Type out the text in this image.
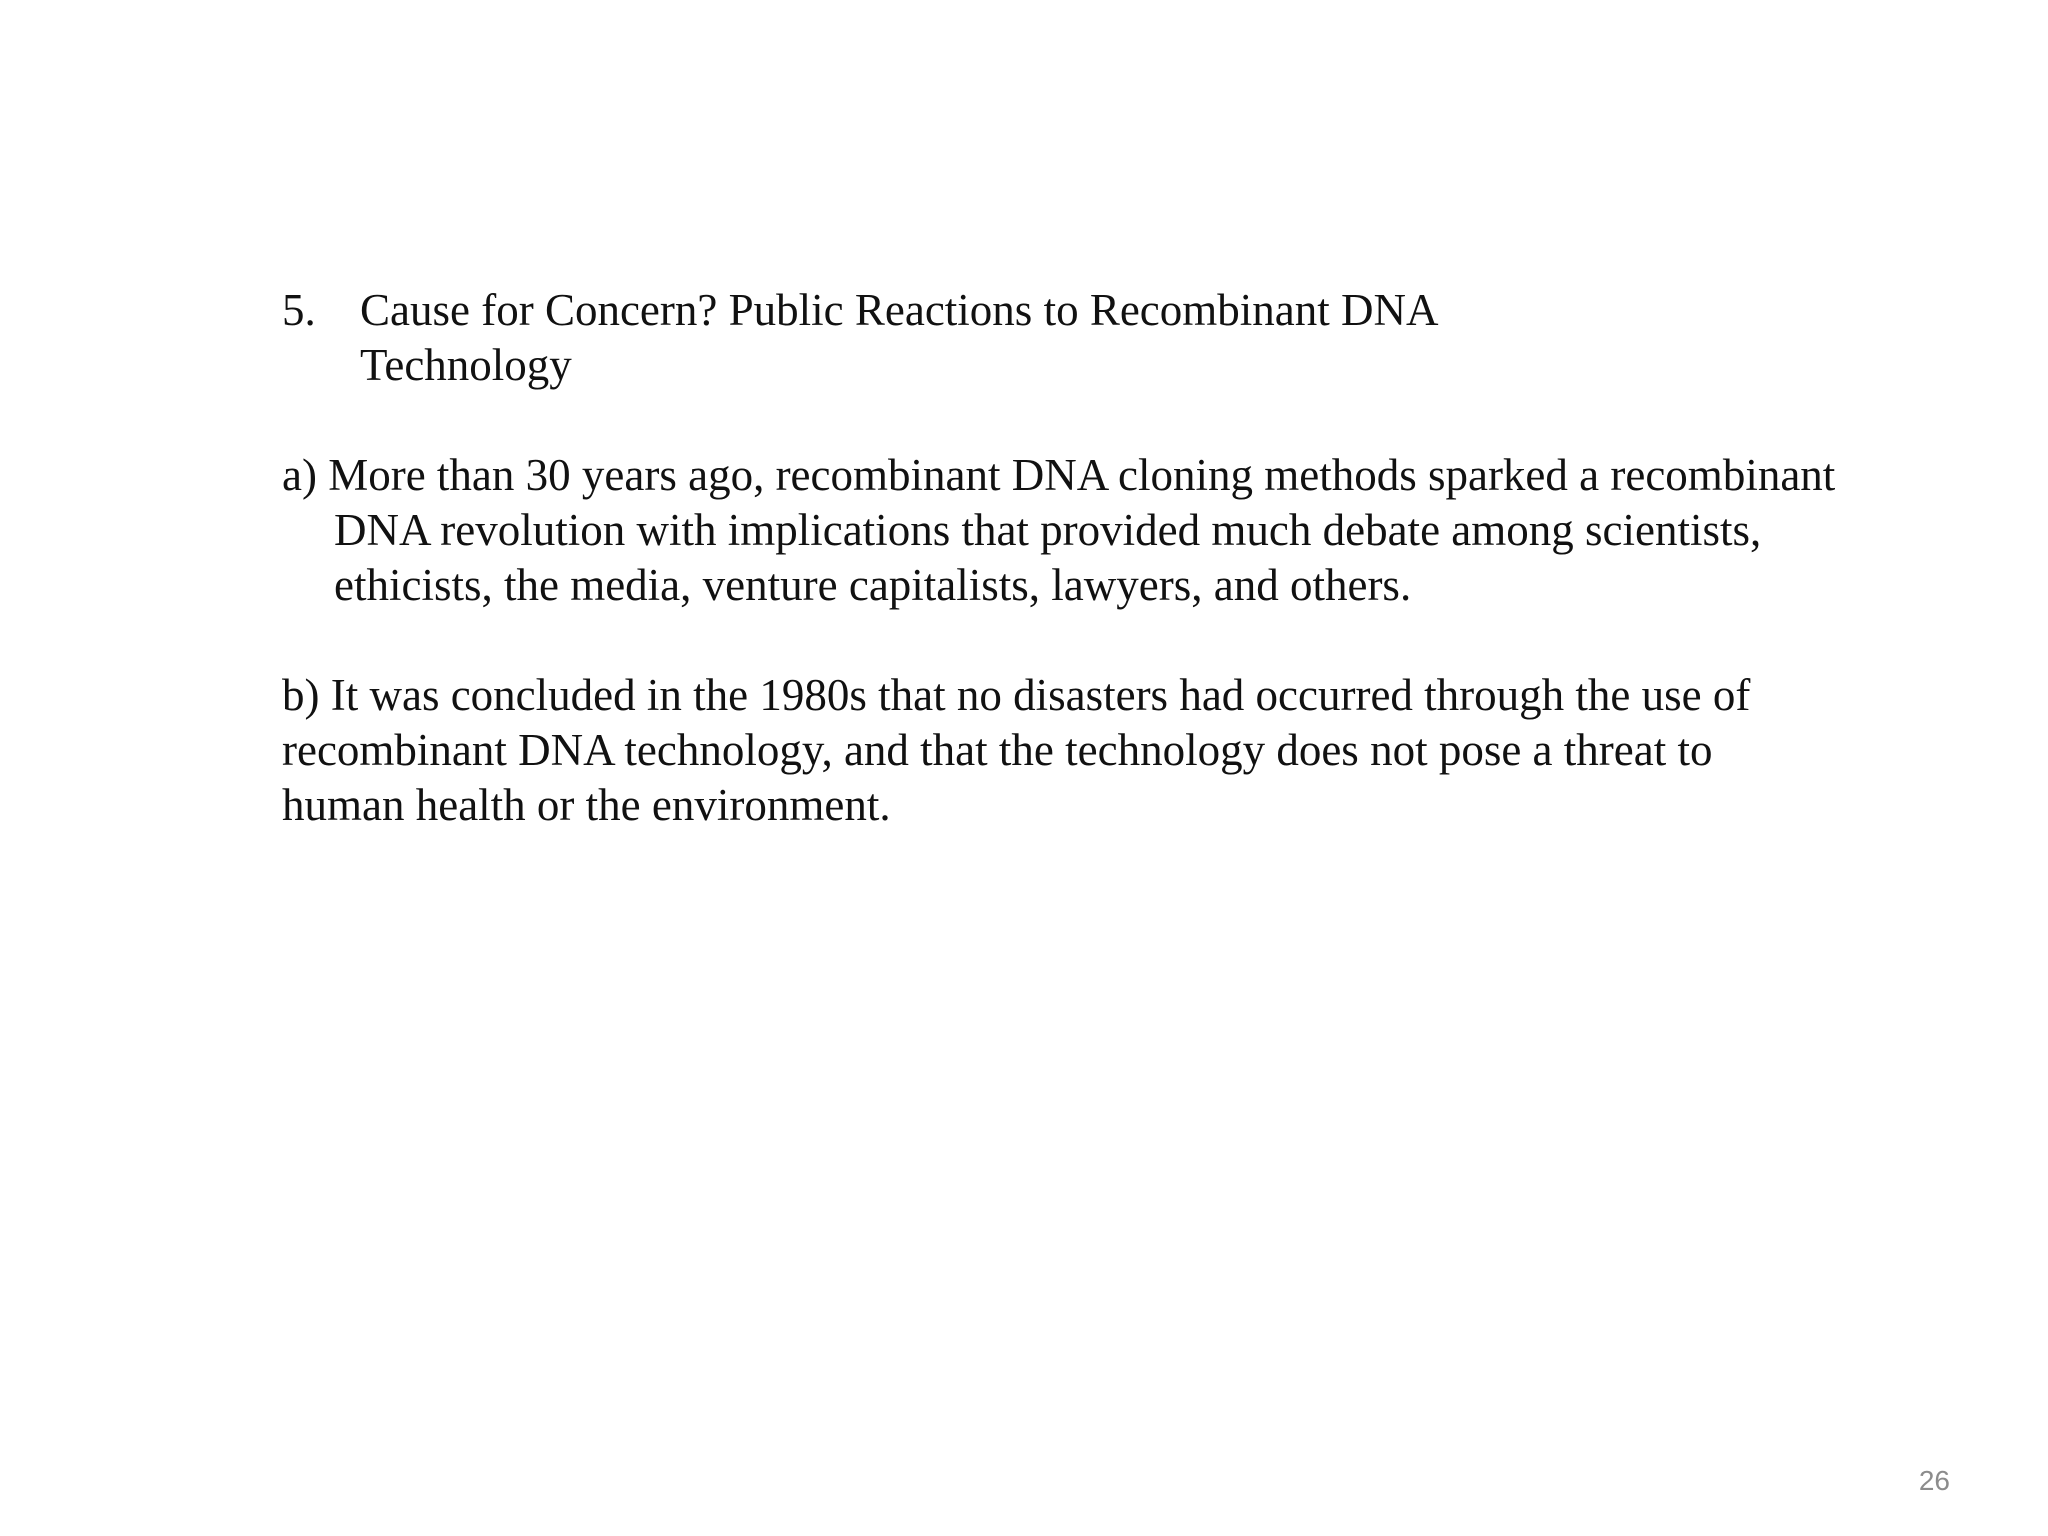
5. Cause for Concern? Public Reactions to Recombinant DNA Technology
a) More than 30 years ago, recombinant DNA cloning methods sparked a recombinant DNA revolution with implications that provided much debate among scientists, ethicists, the media, venture capitalists, lawyers, and others.
b) It was concluded in the 1980s that no disasters had occurred through the use of recombinant DNA technology, and that the technology does not pose a threat to human health or the environment.
26
